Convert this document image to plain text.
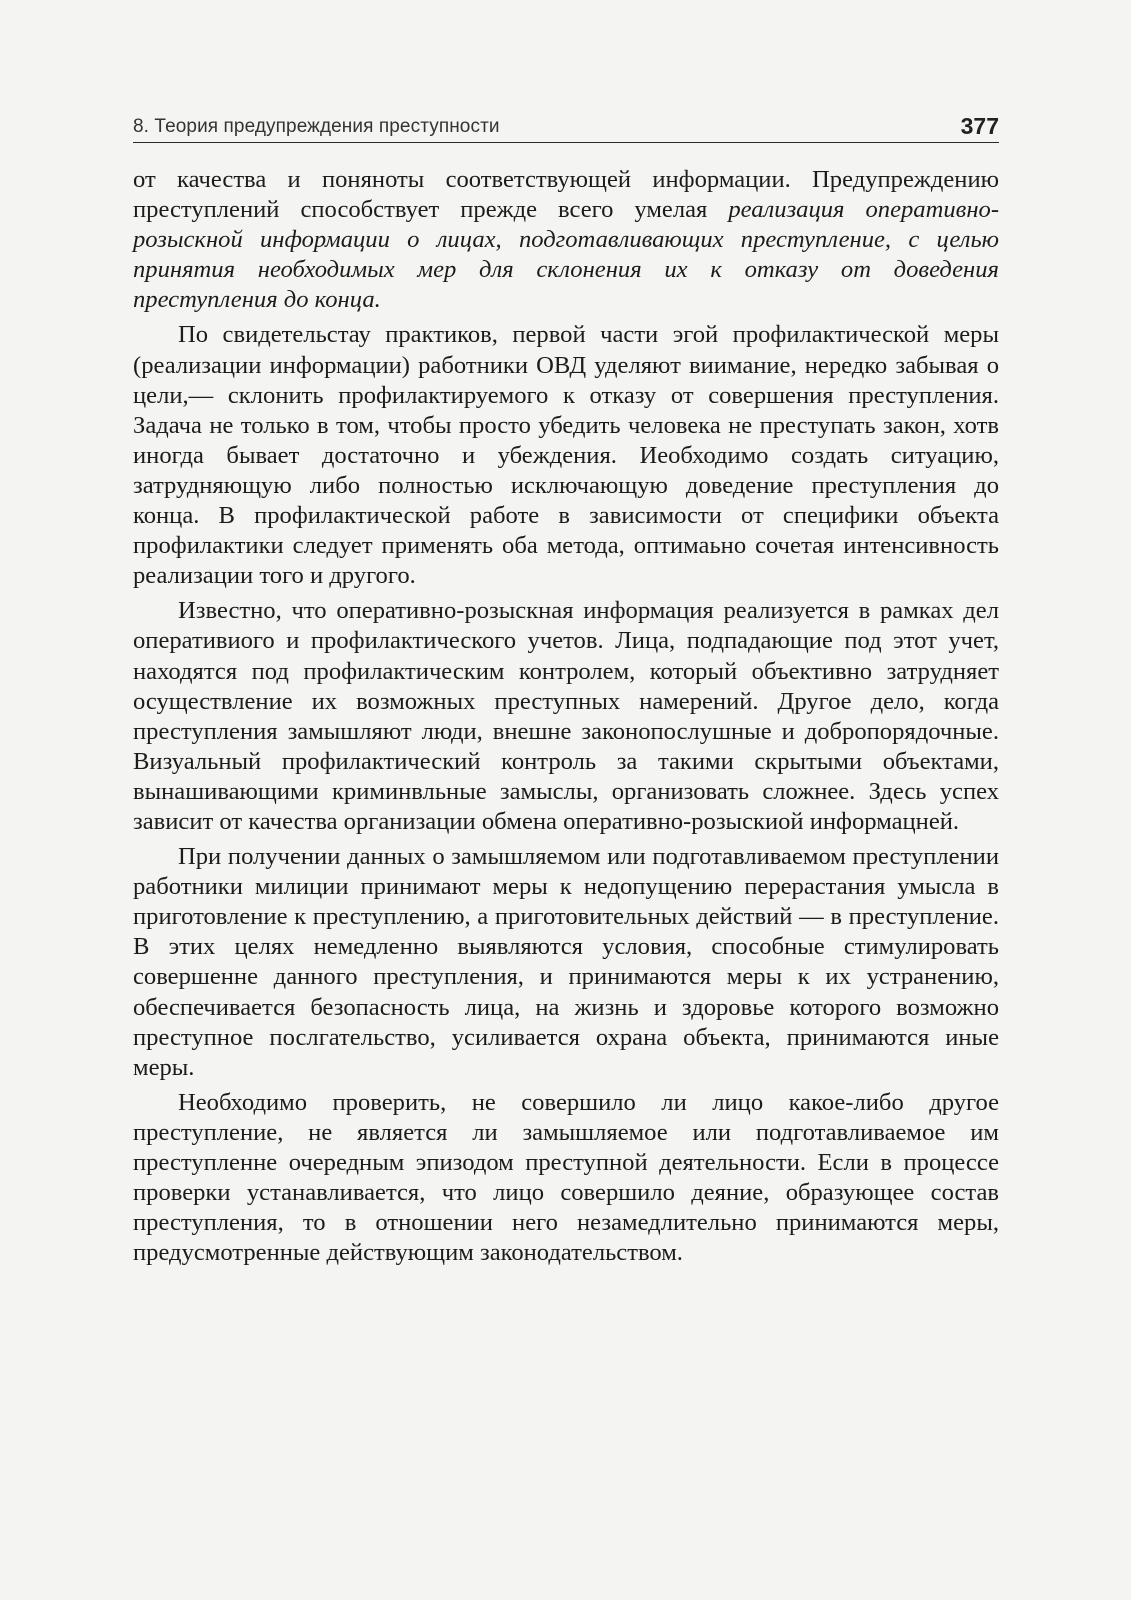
8. Теория предупреждения преступности	377

от качества и поняноты соответствующей информации. Предупреждению преступлений способствует прежде всего умелая реализация оперативно-розыскной информации о лицах, подготавливающих преступление, с целью принятия необходимых мер для склонения их к отказу от доведения преступления до конца.

По свидетельстау практиков, первой части эгой профилактической меры (реализации информации) работники ОВД уделяют виимание, нередко забывая о цели,— склонить профилактируемого к отказу от совершения преступления. Задача не только в том, чтобы просто убедить человека не преступать закон, хотв иногда бывает достаточно и убеждения. Иеобходимо создать ситуацию, затрудняющую либо полностью исключающую доведение преступления до конца. В профилактической работе в зависимости от специфики объекта профилактики следует применять оба метода, оптимаьно сочетая интенсивность реализации того и другого.

Известно, что оперативно-розыскная информация реализуется в рамках дел оперативиого и профилактического учетов. Лица, подпадающие под этот учет, находятся под профилактическим контролем, который объективно затрудняет осуществление их возможных преступных намерений. Другое дело, когда преступления замышляют люди, внешне законопослушные и добропорядочные. Визуальный профилактический контроль за такими скрытыми объектами, вынашивающими криминвльные замыслы, организовать сложнее. Здесь успех зависит от качества организации обмена оперативно-розыскиой информацней.

При получении данных о замышляемом или подготавливаемом преступлении работники милиции принимают меры к недопущению перерастания умысла в приготовление к преступлению, а приготовительных действий — в преступление. В этих целях немедленно выявляются условия, способные стимулировать совершенне данного преступления, и принимаются меры к их устранению, обеспечивается безопасность лица, на жизнь и здоровье которого возможно преступное послгательство, усиливается охрана объекта, принимаются иные меры.

Необходимо проверить, не совершило ли лицо какое-либо другое преступление, не является ли замышляемое или подготавливаемое им преступленне очередным эпизодом преступной деятельности. Если в процессе проверки устанавливается, что лицо совершило деяние, образующее состав преступления, то в отношении него незамедлительно принимаются меры, предусмотренные действующим законодательством.
